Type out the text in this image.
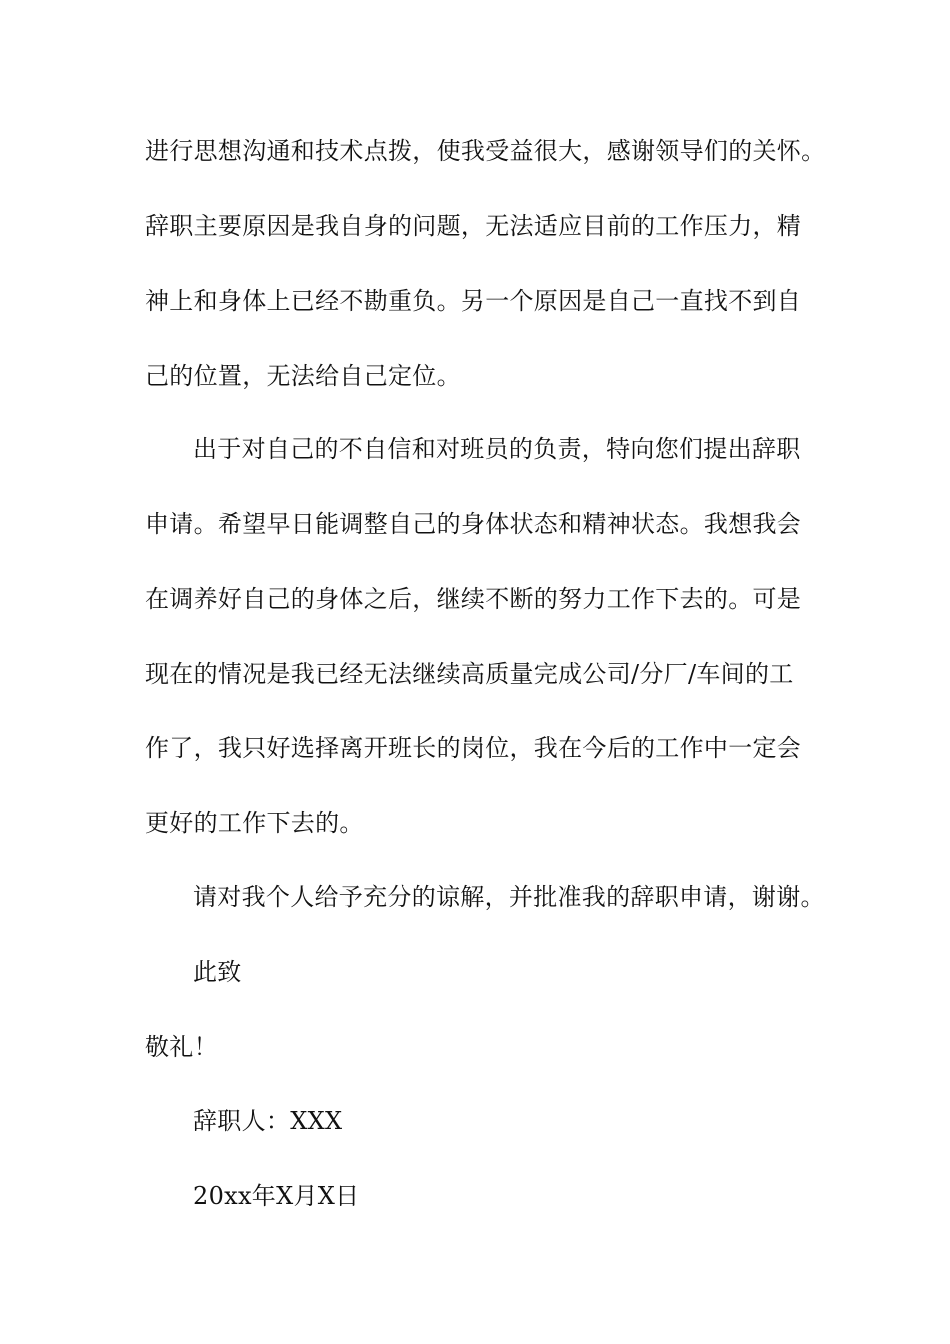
进行思想沟通和技术点拨，使我受益很大，感谢领导们的关怀。
辞职主要原因是我自身的问题，无法适应目前的工作压力，精
神上和身体上已经不勘重负。另一个原因是自己一直找不到自
己的位置，无法给自己定位。
出于对自己的不自信和对班员的负责，特向您们提出辞职
申请。希望早日能调整自己的身体状态和精神状态。我想我会
在调养好自己的身体之后，继续不断的努力工作下去的。可是
现在的情况是我已经无法继续高质量完成公司/分厂/车间的工
作了，我只好选择离开班长的岗位，我在今后的工作中一定会
更好的工作下去的。
请对我个人给予充分的谅解，并批准我的辞职申请，谢谢。
此致
敬礼！
辞职人：XXX
20xx年X月X日
